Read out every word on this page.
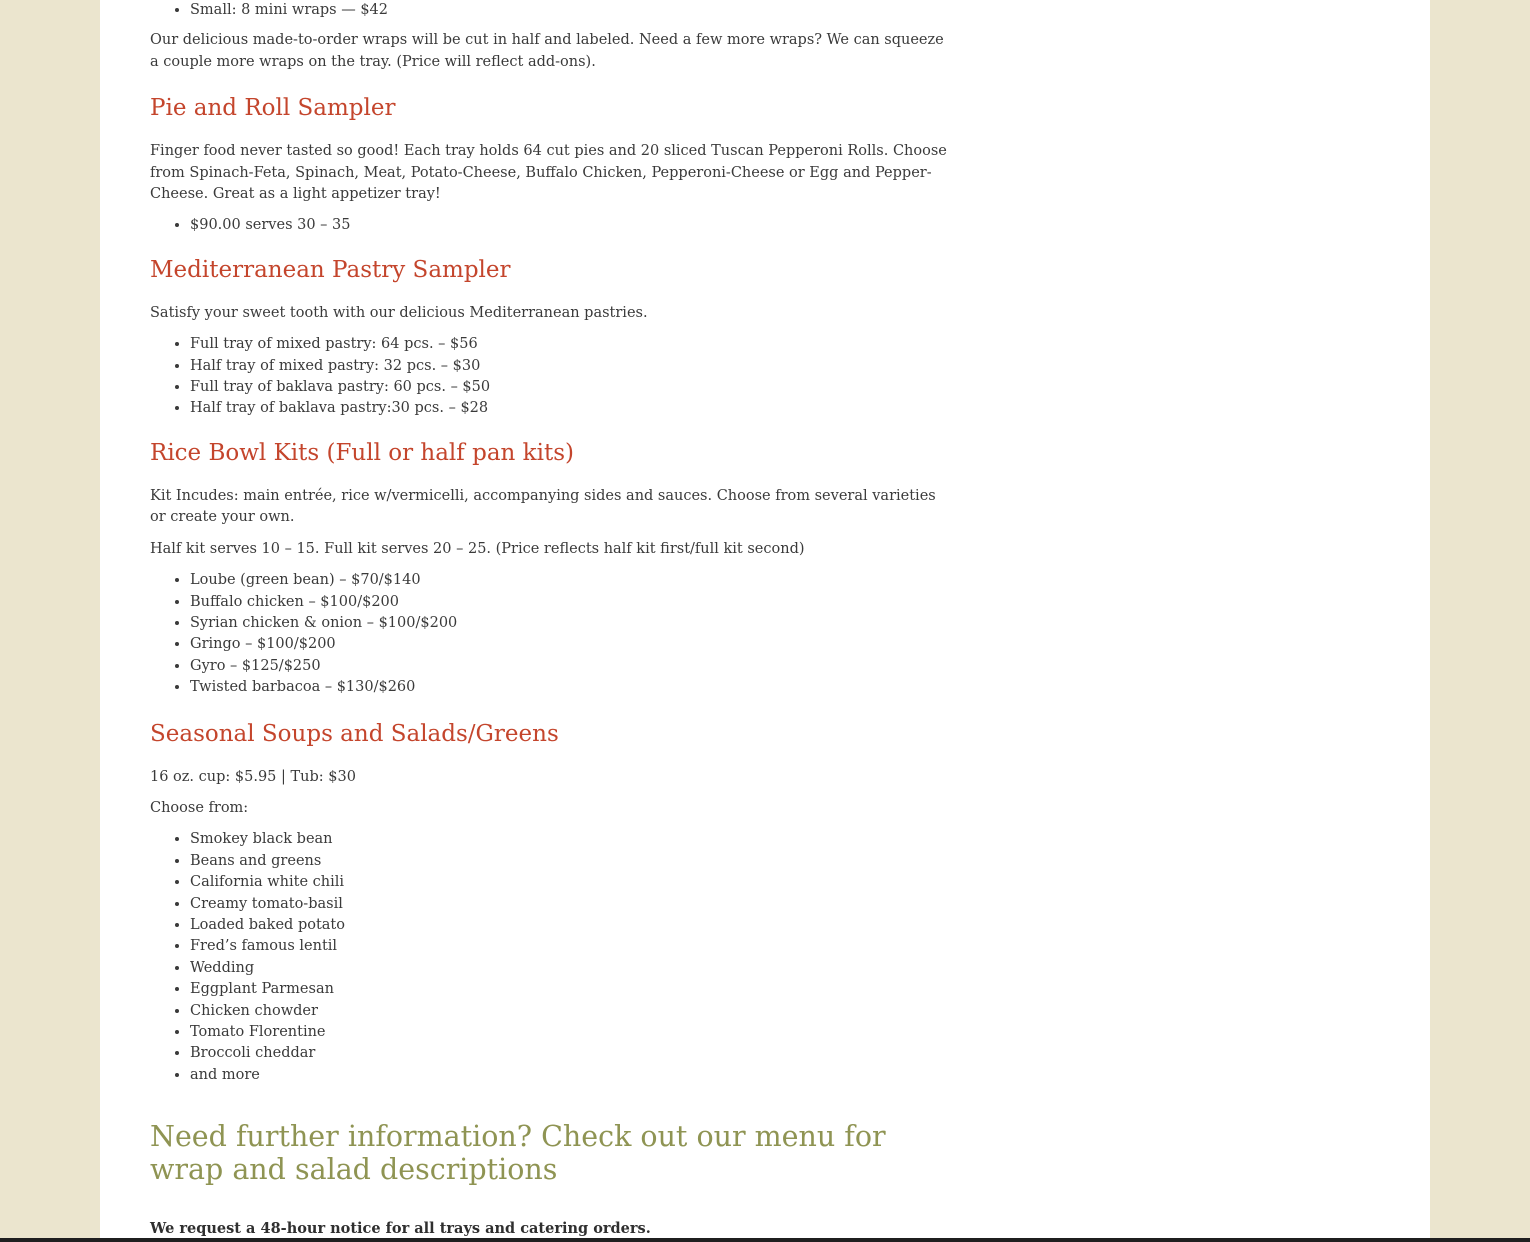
• Small: 8 mini wraps — $42

Our delicious made-to-order wraps will be cut in half and labeled. Need a few more wraps? We can squeeze a couple more wraps on the tray. (Price will reflect add-ons).

Pie and Roll Sampler

Finger food never tasted so good! Each tray holds 64 cut pies and 20 sliced Tuscan Pepperoni Rolls. Choose from Spinach-Feta, Spinach, Meat, Potato-Cheese, Buffalo Chicken, Pepperoni-Cheese or Egg and Pepper-Cheese. Great as a light appetizer tray!

• $90.00 serves 30 – 35
Mediterranean Pastry Sampler

Satisfy your sweet tooth with our delicious Mediterranean pastries.

• Full tray of mixed pastry: 64 pcs. – $56
• Half tray of mixed pastry: 32 pcs. – $30
• Full tray of baklava pastry: 60 pcs. – $50
• Half tray of baklava pastry:30 pcs. – $28
Rice Bowl Kits (Full or half pan kits)

Kit Incudes: main entrée, rice w/vermicelli, accompanying sides and sauces. Choose from several varieties or create your own.

Half kit serves 10 – 15. Full kit serves 20 – 25. (Price reflects half kit first/full kit second)

• Loube (green bean) – $70/$140
• Buffalo chicken – $100/$200
• Syrian chicken & onion – $100/$200
• Gringo – $100/$200
• Gyro – $125/$250
• Twisted barbacoa – $130/$260
Seasonal Soups and Salads/Greens

16 oz. cup: $5.95 | Tub: $30

Choose from:

• Smokey black bean
• Beans and greens
• California white chili
• Creamy tomato-basil
• Loaded baked potato
• Fred’s famous lentil
• Wedding
• Eggplant Parmesan
• Chicken chowder
• Tomato Florentine
• Broccoli cheddar
• and more
Need further information? Check out our menu for wrap and salad descriptions

We request a 48-hour notice for all trays and catering orders.
